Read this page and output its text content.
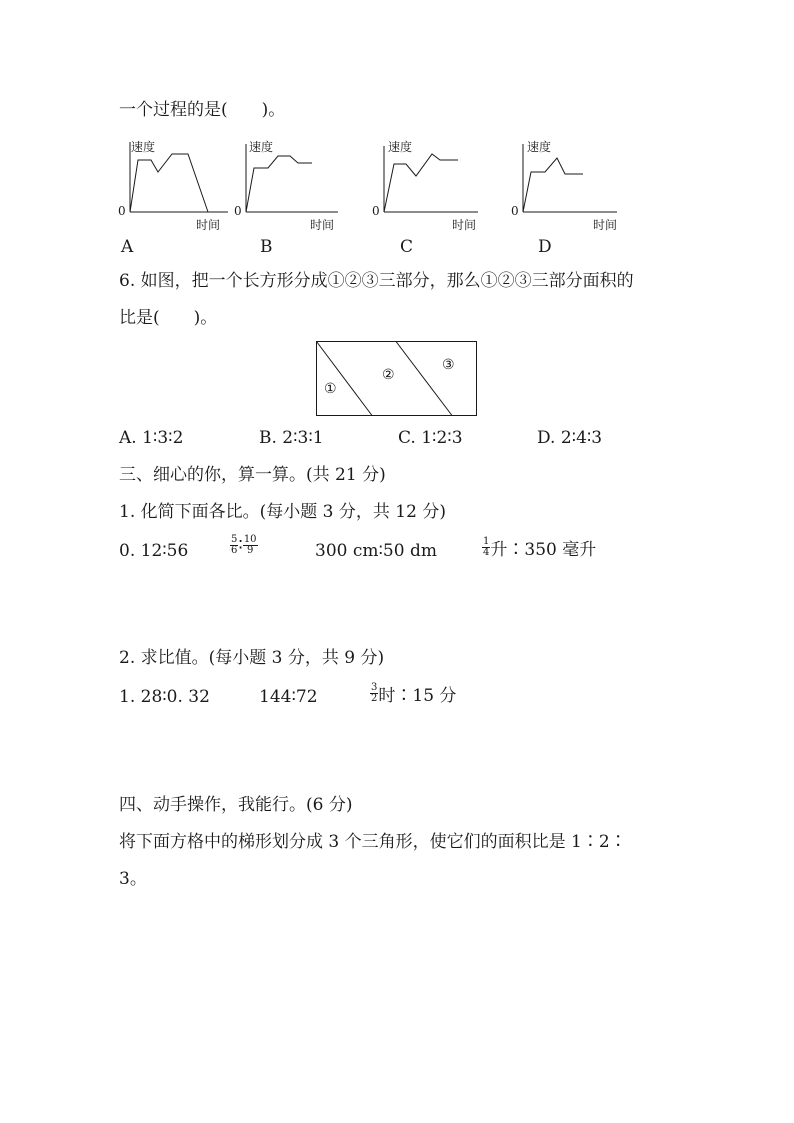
一个过程的是(　　)。
速度
0
时间
A
速度
0
时间
B
速度
0
时间
C
速度
0
时间
D
6. 如图，把一个长方形分成①②③三部分，那么①②③三部分面积的
比是(　　)。
①
②
③
A. 1∶3∶2	B. 2∶3∶1	C. 1∶2∶3	D. 2∶4∶3
三、细心的你，算一算。(共 21 分)
1. 化简下面各比。(每小题 3 分，共 12 分)
0. 12∶56	$\frac{5}{6}$ ∶ $\frac{10}{9}$	300 cm∶50 dm	$\frac{1}{4}$ 升∶350 毫升
2. 求比值。(每小题 3 分，共 9 分)
1. 28∶0. 32	144∶72	$\frac{3}{2}$ 时∶15 分
四、动手操作，我能行。(6 分)
将下面方格中的梯形划分成 3 个三角形，使它们的面积比是 1∶2∶
3。
